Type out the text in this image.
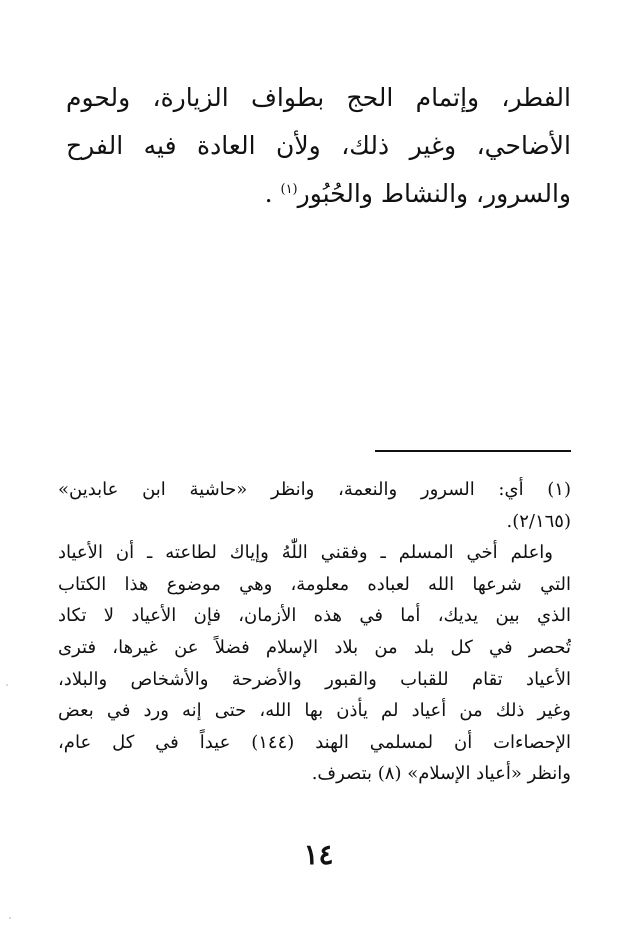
الفطر، وإتمام الحج بطواف الزيارة، ولحوم
الأضاحي، وغير ذلك، ولأن العادة فيه الفرح
والسرور، والنشاط والحُبُور$^{(١)}$ .
(١) أي: السرور والنعمة، وانظر «حاشية ابن عابدين»
(٢/١٦٥).
واعلم أخي المسلم ـ وفقني اللّٰهُ وإياك لطاعته ـ أن الأعياد
التي شرعها الله لعباده معلومة، وهي موضوع هذا الكتاب
الذي بين يديك، أما في هذه الأزمان، فإن الأعياد لا تكاد
تُحصر في كل بلد من بلاد الإسلام فضلاً عن غيرها، فترى
الأعياد تقام للقباب والقبور والأضرحة والأشخاص والبلاد،
وغير ذلك من أعياد لم يأذن بها الله، حتى إنه ورد في بعض
الإحصاءات أن لمسلمي الهند (١٤٤) عيداً في كل عام،
وانظر «أعياد الإسلام» (٨) بتصرف.
١٤
